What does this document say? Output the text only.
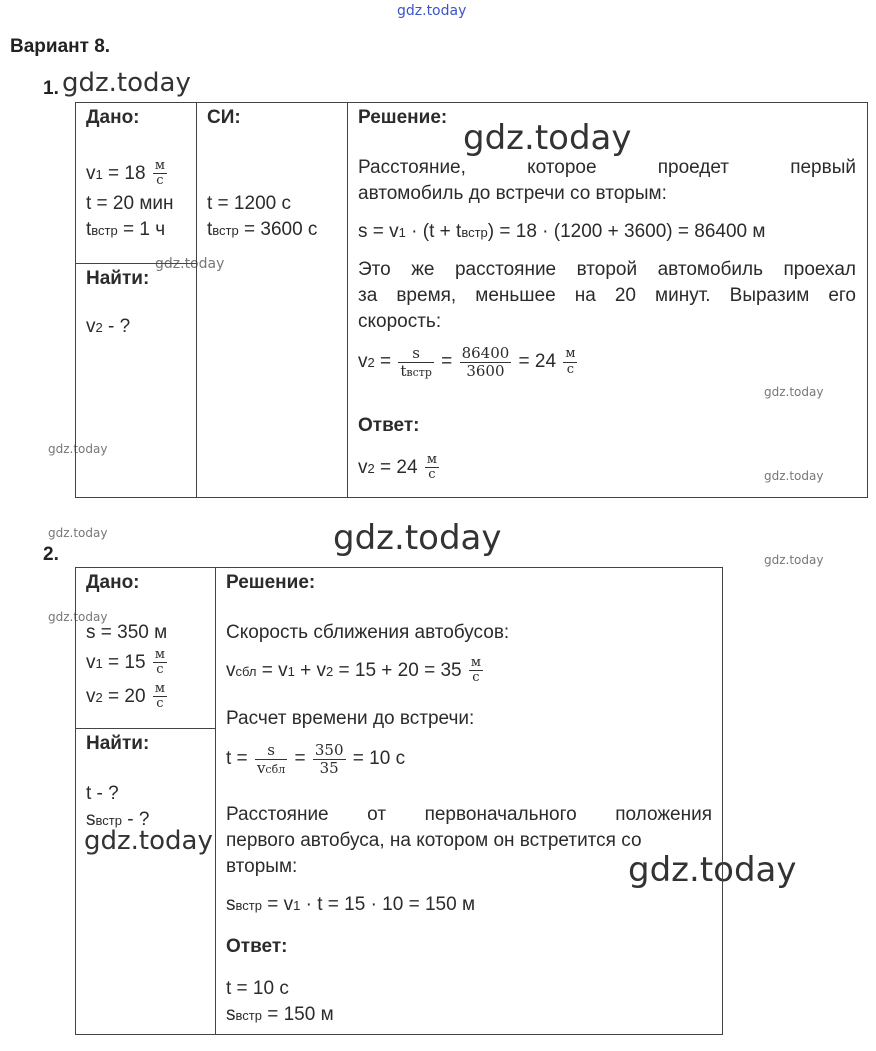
gdz.today
gdz.today
gdz.today
gdz.today
gdz.today
gdz.today
gdz.today
gdz.today	gdz.today
gdz.today
gdz.today
gdz.today
gdz.today
Вариант 8.
1.
Дано:
$v1 = 18 \frac{м}{с}$
t = 20 мин
tвстр = 1 ч

СИ:
t = 1200 с
tвстр = 3600 с

Решение:
Расстояние, которое проедет первый
автомобиль до встречи со вторым:
s = v1 · (t + tвстр) = 18 · (1200 + 3600) = 86400 м
Это же расстояние второй автомобиль проехал
за время, меньшее на 20 минут. Выразим его
скорость:
$v2 = \frac{s}{\text{tвстр}} = \frac{86400}{3600} = 24 \frac{м}{с}$
Ответ:
$v2 = 24 \frac{м}{с}$

Найти:
v2 - ?
2.
Дано:
s = 350 м
$v1 = 15 \frac{м}{с}$
$v2 = 20 \frac{м}{с}$

Решение:
Скорость сближения автобусов:
vсбл = $v1 + v2 = 15 + 20 = 35 \frac{м}{с}$
Расчет времени до встречи:
$t = \frac{s}{\text{vсбл}} = \frac{350}{35} = 10$ с
Расстояние от первоначального положения
первого автобуса, на котором он встретится со
вторым:
sвстр = v1 · t = 15 · 10 = 150 м
Ответ:
t = 10 с
sвстр = 150 м

Найти:
t - ?
sвстр - ?
